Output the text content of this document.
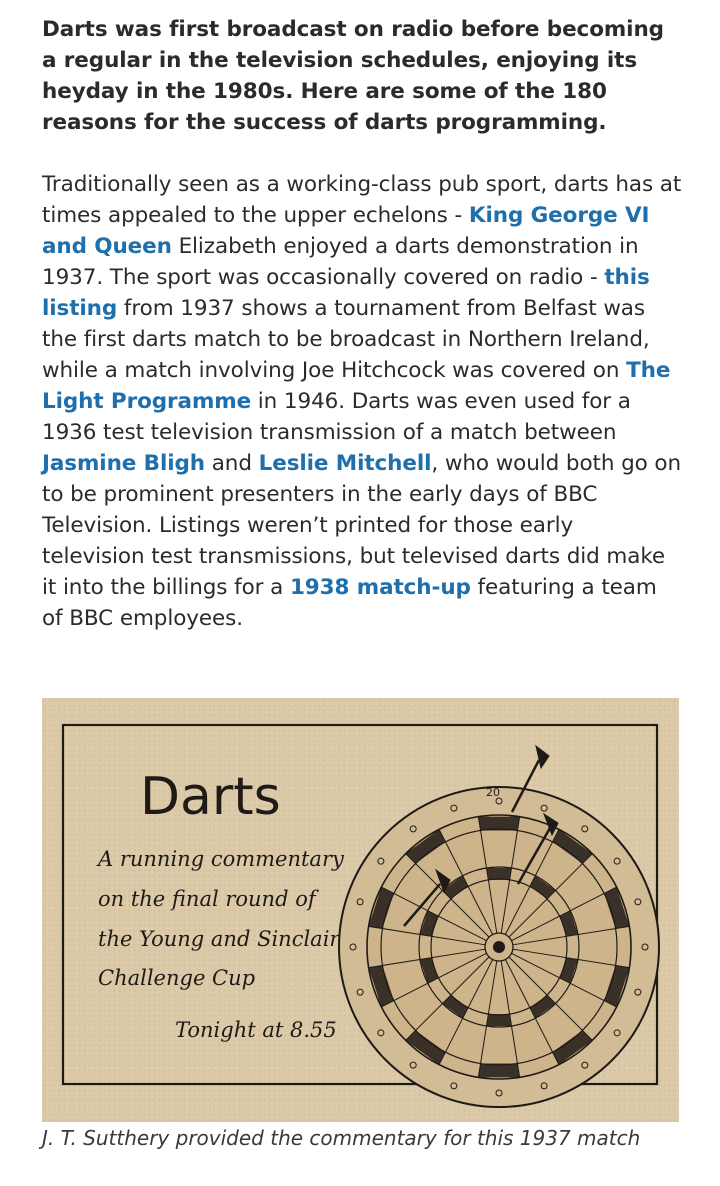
Darts was first broadcast on radio before becoming a regular in the television schedules, enjoying its heyday in the 1980s. Here are some of the 180 reasons for the success of darts programming.

Traditionally seen as a working-class pub sport, darts has at times appealed to the upper echelons - King George VI and Queen Elizabeth enjoyed a darts demonstration in 1937. The sport was occasionally covered on radio - this listing from 1937 shows a tournament from Belfast was the first darts match to be broadcast in Northern Ireland, while a match involving Joe Hitchcock was covered on The Light Programme in 1946. Darts was even used for a 1936 test television transmission of a match between Jasmine Bligh and Leslie Mitchell, who would both go on to be prominent presenters in the early days of BBC Television. Listings weren’t printed for those early television test transmissions, but televised darts did make it into the billings for a 1938 match-up featuring a team of BBC employees.

Darts
A running commentary
on the final round of
the Young and Sinclair
Challenge Cup
Tonight at 8.55
20

J. T. Sutthery provided the commentary for this 1937 match
